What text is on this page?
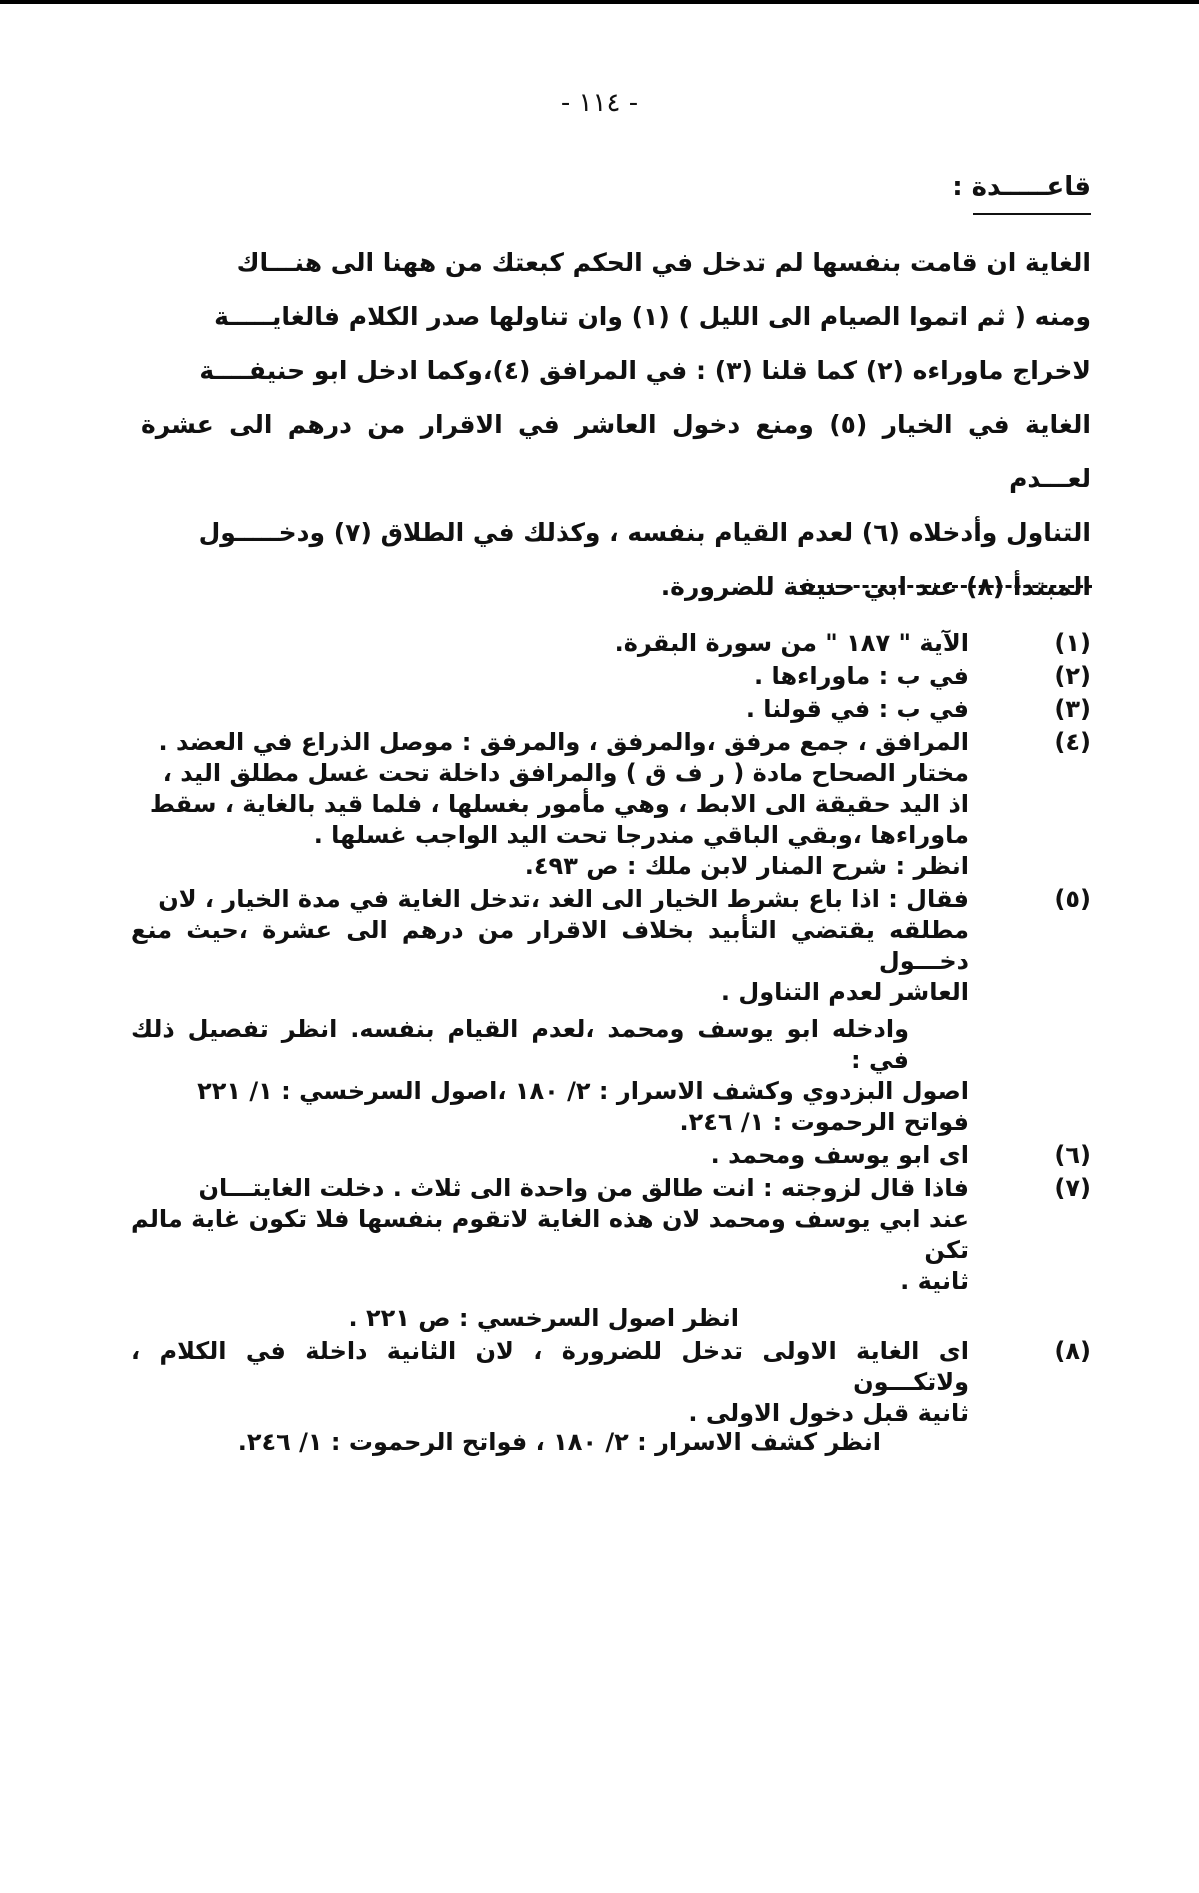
- ١١٤ -
قاعـــــدة :

الغاية ان قامت بنفسها لم تدخل في الحكم كبعتك من ههنا الى هنـــاك

ومنه ( ثم اتموا الصيام الى الليل ) (١) وان تناولها صدر الكلام فالغايـــــة

لاخراج ماوراءه (٢) كما قلنا (٣) : في المرافق (٤)،وكما ادخل ابو حنيفــــة

الغاية في الخيار (٥) ومنع دخول العاشر في الاقرار من درهم الى عشرة لعـــدم

التناول وأدخلاه (٦) لعدم القيام بنفسه ، وكذلك في الطلاق (٧) ودخـــــول

المبتدأ (٨) عند ابي حنيفة للضرورة.

(١)
الآية " ١٨٧ " من سورة البقرة.
(٢)
في ب : ماوراءها .
(٣)
في ب : في قولنا .
(٤)
المرافق ، جمع مرفق ،والمرفق ، والمرفق : موصل الذراع في العضد .
مختار الصحاح مادة ( ر ف ق ) والمرافق داخلة تحت غسل مطلق اليد ،
اذ اليد حقيقة الى الابط ، وهي مأمور بغسلها ، فلما قيد بالغاية ، سقط
ماوراءها ،وبقي الباقي مندرجا تحت اليد الواجب غسلها .
انظر : شرح المنار لابن ملك : ص ٤٩٣.
(٥)
فقال : اذا باع بشرط الخيار الى الغد ،تدخل الغاية في مدة الخيار ، لان
مطلقه يقتضي التأبيد بخلاف الاقرار من درهم الى عشرة ،حيث منع دخـــول
العاشر لعدم التناول .
وادخله ابو يوسف ومحمد ،لعدم القيام بنفسه. انظر تفصيل ذلك في :
اصول البزدوي وكشف الاسرار : ٢/ ١٨٠ ،اصول السرخسي : ١/ ٢٢١
فواتح الرحموت : ١/ ٢٤٦.
(٦)
اى ابو يوسف ومحمد .
(٧)
فاذا قال لزوجته : انت طالق من واحدة الى ثلاث . دخلت الغايتـــان
عند ابي يوسف ومحمد لان هذه الغاية لاتقوم بنفسها فلا تكون غاية مالم تكن
ثانية .
انظر اصول السرخسي : ص ٢٢١ .
(٨)
اى الغاية الاولى تدخل للضرورة ، لان الثانية داخلة في الكلام ، ولاتكـــون
ثانية قبل دخول الاولى .
انظر كشف الاسرار : ٢/ ١٨٠ ، فواتح الرحموت : ١/ ٢٤٦.
